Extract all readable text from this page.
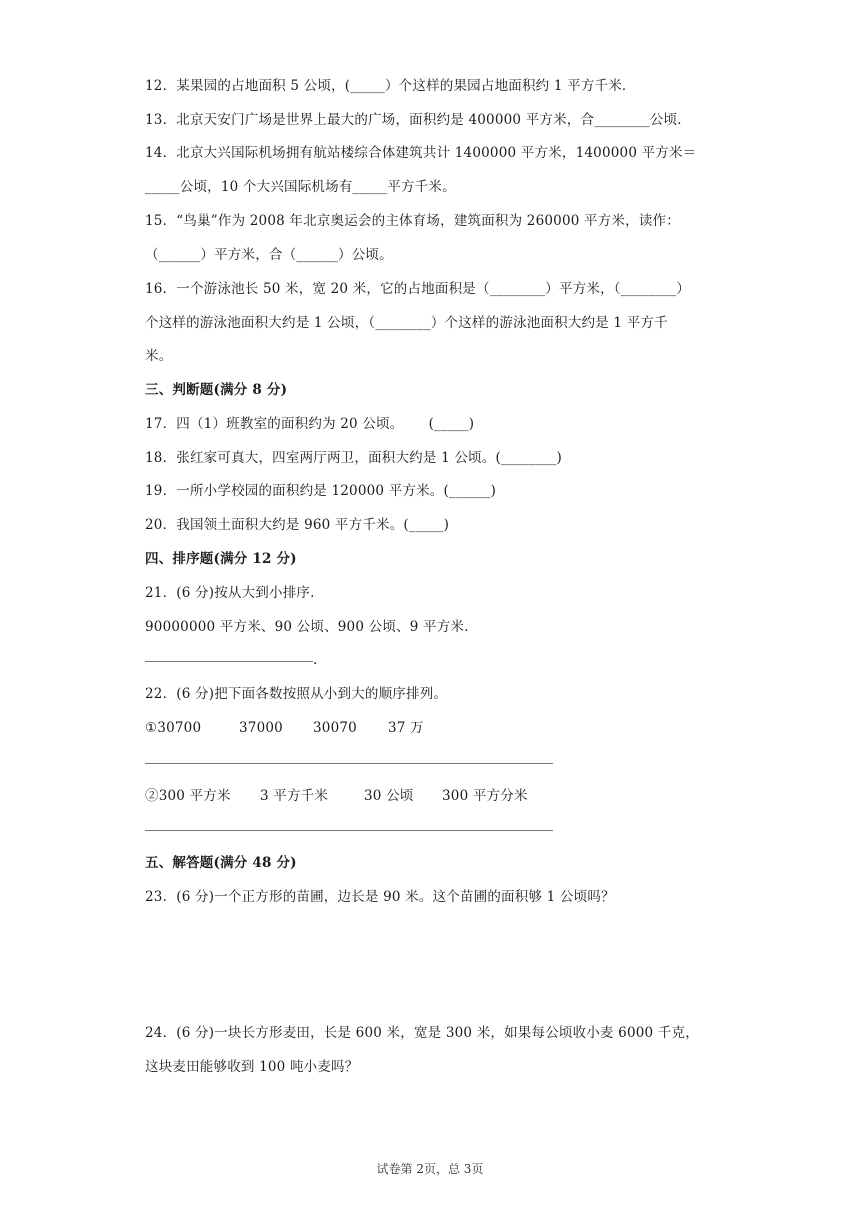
12．某果园的占地面积 5 公顷，(_____）个这样的果园占地面积约 1 平方千米．
13．北京天安门广场是世界上最大的广场，面积约是 400000 平方米，合________公顷．
14．北京大兴国际机场拥有航站楼综合体建筑共计 1400000 平方米，1400000 平方米＝
_____公顷，10 个大兴国际机场有_____平方千米。
15．“鸟巢”作为 2008 年北京奥运会的主体育场，建筑面积为 260000 平方米，读作：
（______）平方米，合（______）公顷。
16．一个游泳池长 50 米，宽 20 米，它的占地面积是（________）平方米，（________）
个这样的游泳池面积大约是 1 公顷，（________）个这样的游泳池面积大约是 1 平方千
米。
三、判断题(满分 8 分)
17．四（1）班教室的面积约为 20 公顷。　　 (_____)
18．张红家可真大，四室两厅两卫，面积大约是 1 公顷。(________)
19．一所小学校园的面积约是 120000 平方米。(______)
20．我国领土面积大约是 960 平方千米。(_____)
四、排序题(满分 12 分)
21．(6 分)按从大到小排序.
90000000 平方米、90 公顷、900 公顷、9 平方米.
.
22．(6 分)把下面各数按照从小到大的顺序排列。
①30700	37000 30070 37 万
②300 平方米 3 平方千米	30 公顷 300 平方分米
五、解答题(满分 48 分)
23．(6 分)一个正方形的苗圃，边长是 90 米。这个苗圃的面积够 1 公顷吗？
24．(6 分)一块长方形麦田，长是 600 米，宽是 300 米，如果每公顷收小麦 6000 千克，
这块麦田能够收到 100 吨小麦吗？
试卷第 2页，总 3页
